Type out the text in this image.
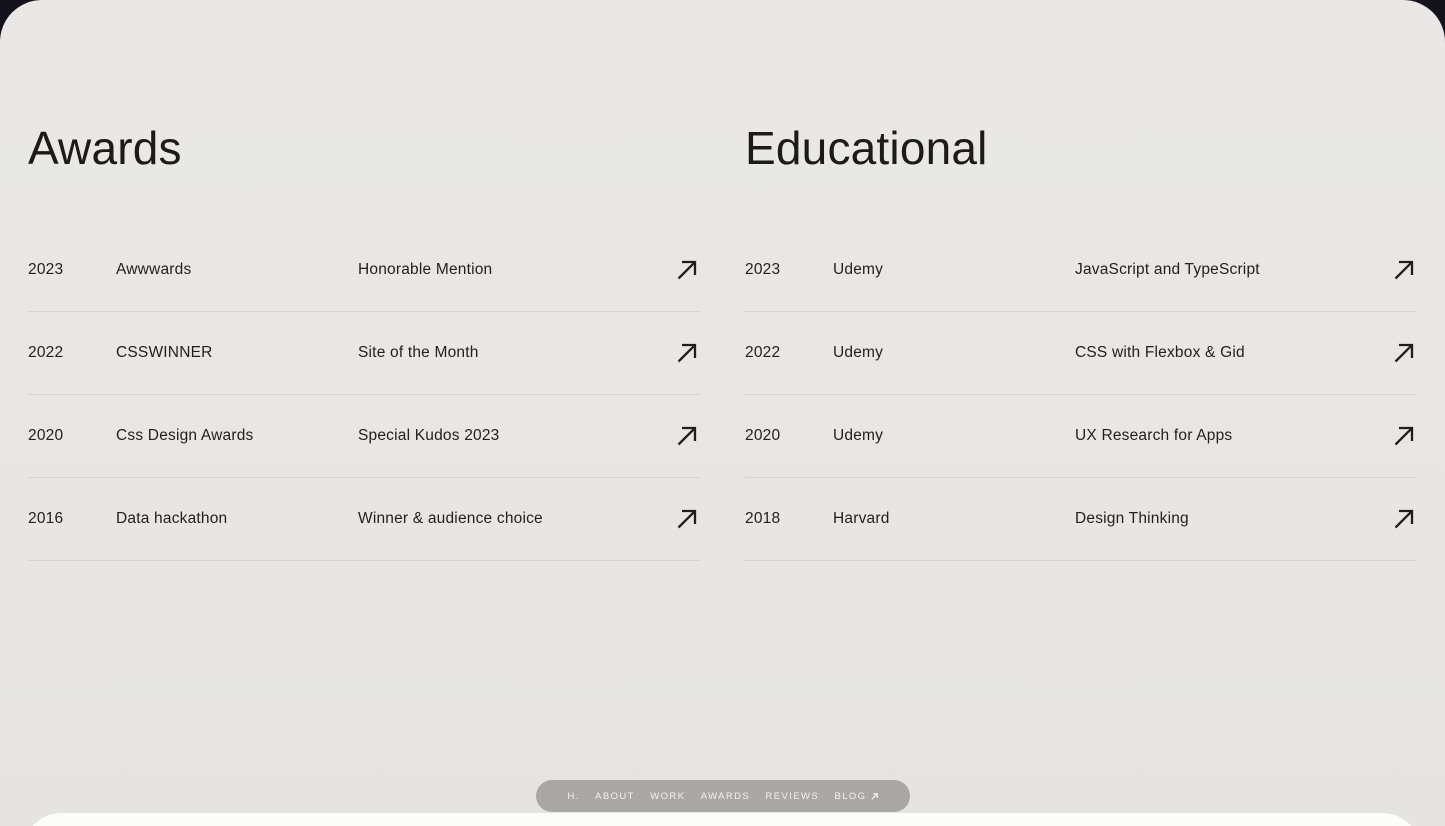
Awards
2023	Awwwards	Honorable Mention
2022	CSSWINNER	Site of the Month
2020	Css Design Awards	Special Kudos 2023
2016	Data hackathon	Winner & audience choice
Educational
2023	Udemy	JavaScript and TypeScript
2022	Udemy	CSS with Flexbox & Gid
2020	Udemy	UX Research for Apps
2018	Harvard	Design Thinking
H. ABOUT WORK AWARDS REVIEWS BLOG
